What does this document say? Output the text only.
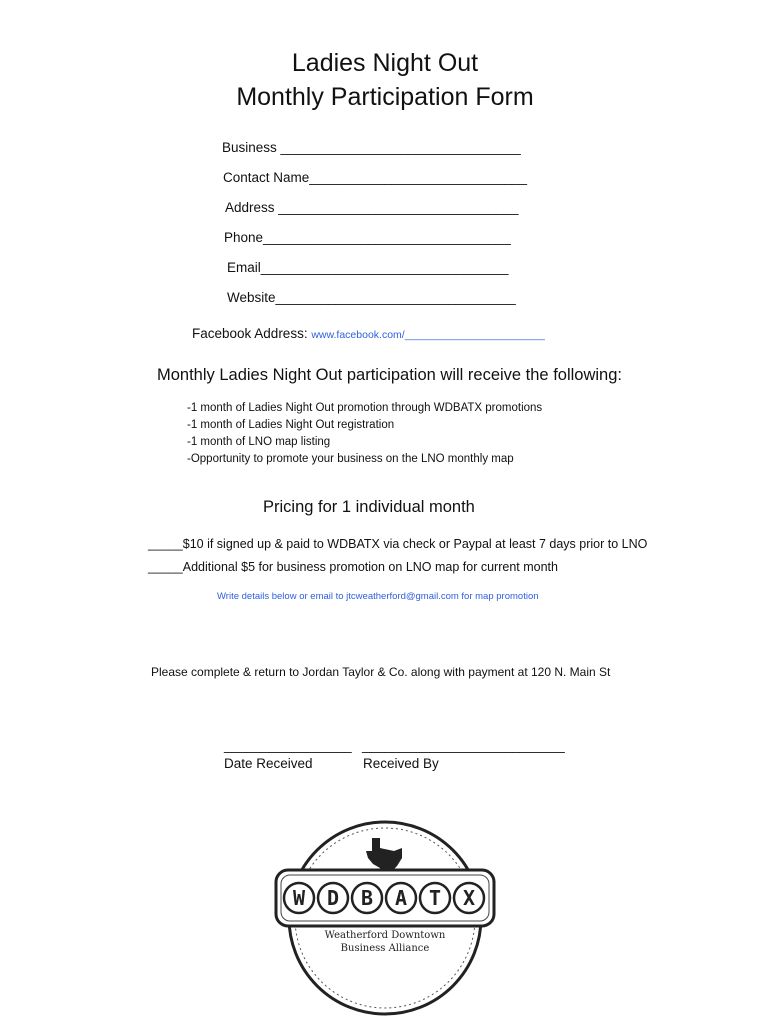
Ladies Night Out
Monthly Participation Form
Business ________________________________
Contact Name_____________________________
Address ________________________________
Phone_________________________________
Email_________________________________
Website________________________________
Facebook Address: www.facebook.com/________________________
Monthly Ladies Night Out participation will receive the following:
-1 month of Ladies Night Out promotion through WDBATX promotions
-1 month of Ladies Night Out registration
-1 month of LNO map listing
-Opportunity to promote your business on the LNO monthly map
Pricing for 1 individual month
_____$10 if signed up & paid to WDBATX via check or Paypal at least 7 days prior to LNO
_____Additional $5 for business promotion on LNO map for current month
Write details below or email to jtcweatherford@gmail.com for map promotion
Please complete & return to Jordan Taylor & Co. along with payment at 120 N. Main St
_________________
Date Received
___________________________
Received By
W D B A T X
Weatherford Downtown
Business Alliance
